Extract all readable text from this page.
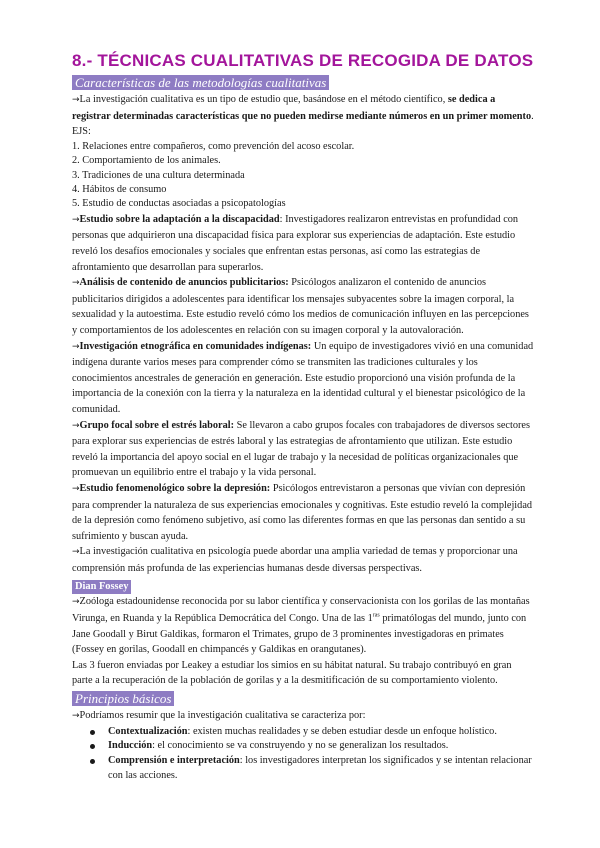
8.- TÉCNICAS CUALITATIVAS DE RECOGIDA DE DATOS
Características de las metodologías cualitativas

→La investigación cualitativa es un tipo de estudio que, basándose en el método científico, se dedica a registrar determinadas características que no pueden medirse mediante números en un primer momento. EJS:

1. Relaciones entre compañeros, como prevención del acoso escolar.
2. Comportamiento de los animales.
3. Tradiciones de una cultura determinada
4. Hábitos de consumo
5. Estudio de conductas asociadas a psicopatologías

→Estudio sobre la adaptación a la discapacidad: Investigadores realizaron entrevistas en profundidad con personas que adquirieron una discapacidad física para explorar sus experiencias de adaptación. Este estudio reveló los desafíos emocionales y sociales que enfrentan estas personas, así como las estrategias de afrontamiento que desarrollan para superarlos.

→Análisis de contenido de anuncios publicitarios: Psicólogos analizaron el contenido de anuncios publicitarios dirigidos a adolescentes para identificar los mensajes subyacentes sobre la imagen corporal, la sexualidad y la autoestima. Este estudio reveló cómo los medios de comunicación influyen en las percepciones y comportamientos de los adolescentes en relación con su imagen corporal y la autovaloración.

→Investigación etnográfica en comunidades indígenas: Un equipo de investigadores vivió en una comunidad indígena durante varios meses para comprender cómo se transmiten las tradiciones culturales y los conocimientos ancestrales de generación en generación. Este estudio proporcionó una visión profunda de la importancia de la conexión con la tierra y la naturaleza en la identidad cultural y el bienestar psicológico de la comunidad.

→Grupo focal sobre el estrés laboral: Se llevaron a cabo grupos focales con trabajadores de diversos sectores para explorar sus experiencias de estrés laboral y las estrategias de afrontamiento que utilizan. Este estudio reveló la importancia del apoyo social en el lugar de trabajo y la necesidad de políticas organizacionales que promuevan un equilibrio entre el trabajo y la vida personal.

→Estudio fenomenológico sobre la depresión: Psicólogos entrevistaron a personas que vivían con depresión para comprender la naturaleza de sus experiencias emocionales y cognitivas. Este estudio reveló la complejidad de la depresión como fenómeno subjetivo, así como las diferentes formas en que las personas dan sentido a su sufrimiento y buscan ayuda.

→La investigación cualitativa en psicología puede abordar una amplia variedad de temas y proporcionar una comprensión más profunda de las experiencias humanas desde diversas perspectivas.

Dian Fossey

→Zoóloga estadounidense reconocida por su labor científica y conservacionista con los gorilas de las montañas Virunga, en Ruanda y la República Democrática del Congo. Una de las $1^{ras}$ primatólogas del mundo, junto con Jane Goodall y Birut Galdikas, formaron el Trimates, grupo de 3 prominentes investigadoras en primates (Fossey en gorilas, Goodall en chimpancés y Galdikas en orangutanes).

Las 3 fueron enviadas por Leakey a estudiar los simios en su hábitat natural. Su trabajo contribuyó en gran parte a la recuperación de la población de gorilas y a la desmitificación de su comportamiento violento.

Principios básicos

→Podríamos resumir que la investigación cualitativa se caracteriza por:

Contextualización: existen muchas realidades y se deben estudiar desde un enfoque holístico.
Inducción: el conocimiento se va construyendo y no se generalizan los resultados.
Comprensión e interpretación: los investigadores interpretan los significados y se intentan relacionar con las acciones.
